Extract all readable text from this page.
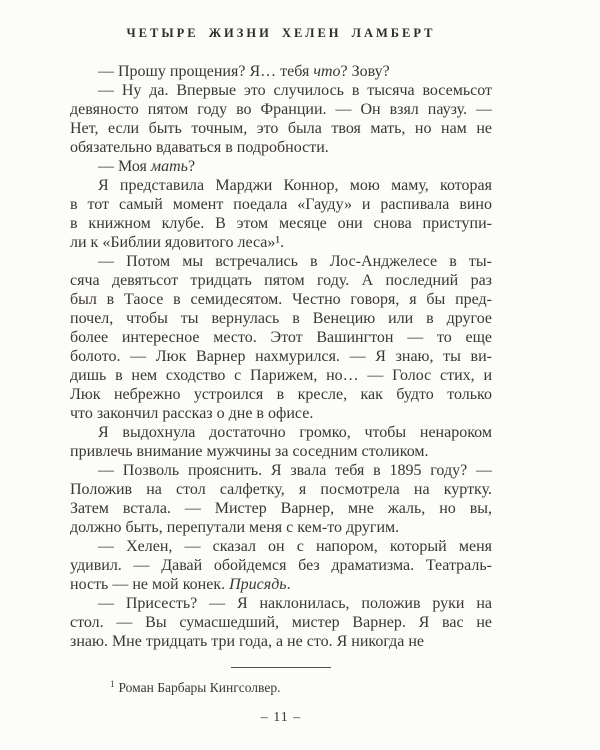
ЧЕТЫРЕ ЖИЗНИ ХЕЛЕН ЛАМБЕРТ
— Прошу прощения? Я… тебя что? Зову?
— Ну да. Впервые это случилось в тысяча восемьсот
девяносто пятом году во Франции. — Он взял паузу. —
Нет, если быть точным, это была твоя мать, но нам не
обязательно вдаваться в подробности.
— Моя мать?
Я представила Марджи Коннор, мою маму, которая
в тот самый момент поедала «Гауду» и распивала вино
в книжном клубе. В этом месяце они снова приступи-
ли к «Библии ядовитого леса»¹.
— Потом мы встречались в Лос-Анджелесе в ты-
сяча девятьсот тридцать пятом году. А последний раз
был в Таосе в семидесятом. Честно говоря, я бы пред-
почел, чтобы ты вернулась в Венецию или в другое
более интересное место. Этот Вашингтон — то еще
болото. — Люк Варнер нахмурился. — Я знаю, ты ви-
дишь в нем сходство с Парижем, но… — Голос стих, и
Люк небрежно устроился в кресле, как будто только
что закончил рассказ о дне в офисе.
Я выдохнула достаточно громко, чтобы ненароком
привлечь внимание мужчины за соседним столиком.
— Позволь прояснить. Я звала тебя в 1895 году? —
Положив на стол салфетку, я посмотрела на куртку.
Затем встала. — Мистер Варнер, мне жаль, но вы,
должно быть, перепутали меня с кем-то другим.
— Хелен, — сказал он с напором, который меня
удивил. — Давай обойдемся без драматизма. Театраль-
ность — не мой конек. Присядь.
— Присесть? — Я наклонилась, положив руки на
стол. — Вы сумасшедший, мистер Варнер. Я вас не
знаю. Мне тридцать три года, а не сто. Я никогда не
$^1$ Роман Барбары Кингсолвер.
– 11 –
